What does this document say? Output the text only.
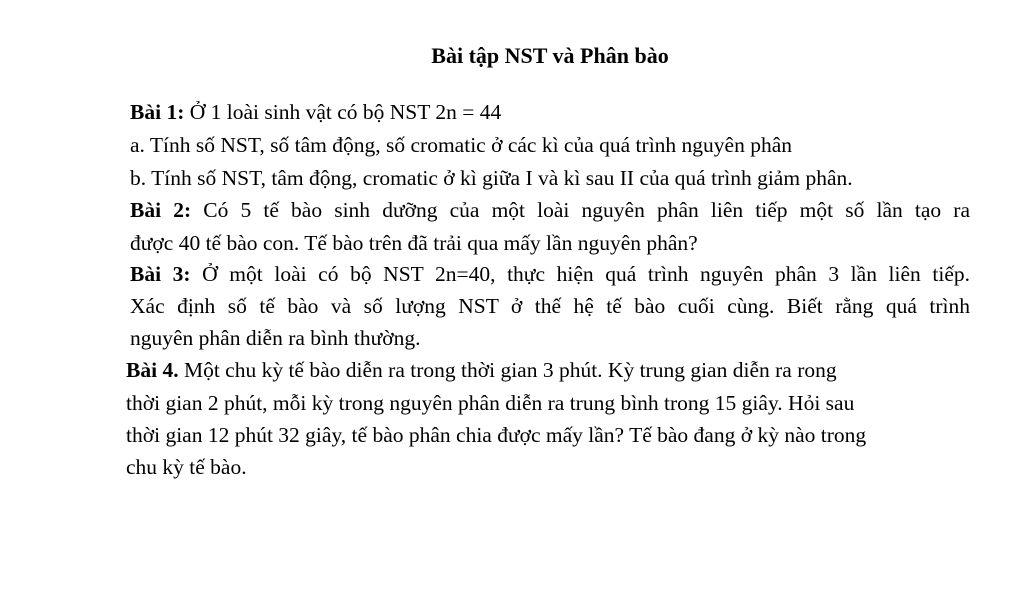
Bài tập NST và Phân bào
Bài 1: Ở 1 loài sinh vật có bộ NST 2n = 44
a. Tính số NST, số tâm động, số cromatic ở các kì của quá trình nguyên phân
b. Tính số NST, tâm động, cromatic ở kì giữa I và kì sau II của quá trình giảm phân.
Bài 2: Có 5 tế bào sinh dưỡng của một loài nguyên phân liên tiếp một số lần tạo ra
được 40 tế bào con. Tế bào trên đã trải qua mấy lần nguyên phân?
Bài 3: Ở một loài có bộ NST 2n=40, thực hiện quá trình nguyên phân 3 lần liên tiếp.
Xác định số tế bào và số lượng NST ở thế hệ tế bào cuối cùng. Biết rằng quá trình
nguyên phân diễn ra bình thường.
Bài 4. Một chu kỳ tế bào diễn ra trong thời gian 3 phút. Kỳ trung gian diễn ra rong
thời gian 2 phút, mỗi kỳ trong nguyên phân diễn ra trung bình trong 15 giây. Hỏi sau
thời gian 12 phút 32 giây, tế bào phân chia được mấy lần? Tế bào đang ở kỳ nào trong
chu kỳ tế bào.
